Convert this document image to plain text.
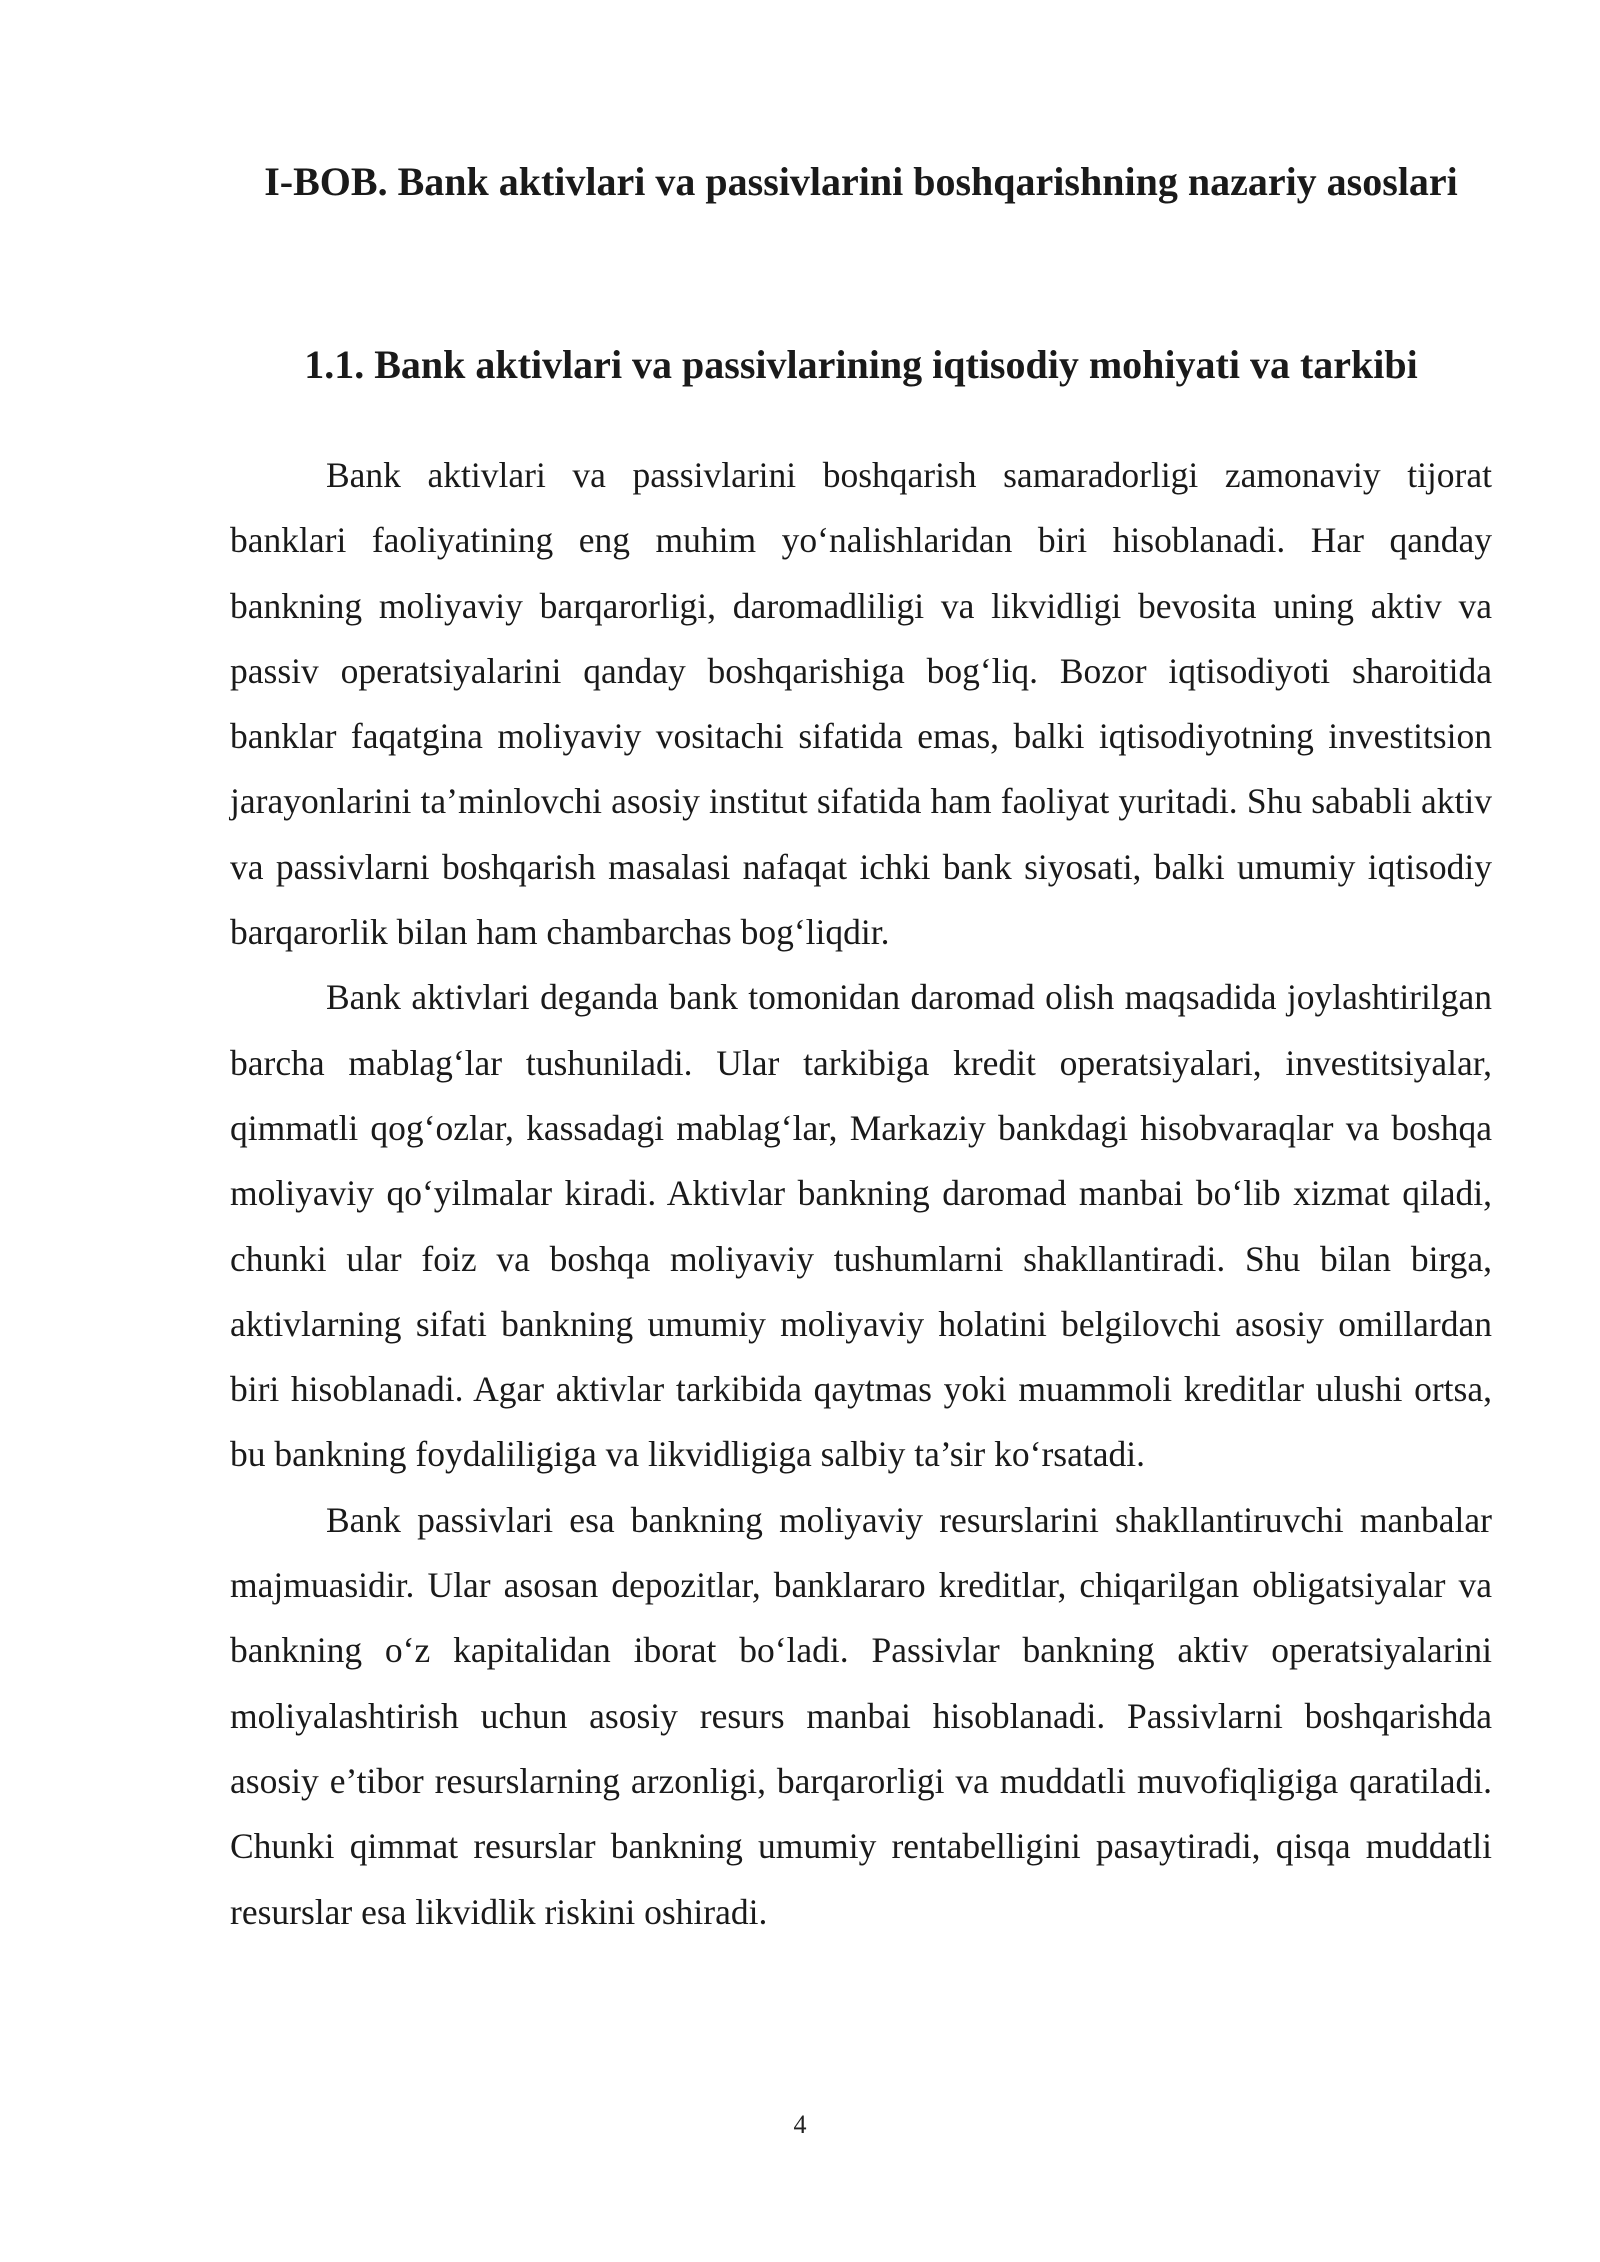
I-BOB. Bank aktivlari va passivlarini boshqarishning nazariy asoslari
1.1. Bank aktivlari va passivlarining iqtisodiy mohiyati va tarkibi

Bank aktivlari va passivlarini boshqarish samaradorligi zamonaviy tijorat banklari faoliyatining eng muhim yo‘nalishlaridan biri hisoblanadi. Har qanday bankning moliyaviy barqarorligi, daromadliligi va likvidligi bevosita uning aktiv va passiv operatsiyalarini qanday boshqarishiga bog‘liq. Bozor iqtisodiyoti sharoitida banklar faqatgina moliyaviy vositachi sifatida emas, balki iqtisodiyotning investitsion jarayonlarini ta’minlovchi asosiy institut sifatida ham faoliyat yuritadi. Shu sababli aktiv va passivlarni boshqarish masalasi nafaqat ichki bank siyosati, balki umumiy iqtisodiy barqarorlik bilan ham chambarchas bog‘liqdir.

Bank aktivlari deganda bank tomonidan daromad olish maqsadida joylashtirilgan barcha mablag‘lar tushuniladi. Ular tarkibiga kredit operatsiyalari, investitsiyalar, qimmatli qog‘ozlar, kassadagi mablag‘lar, Markaziy bankdagi hisobvaraqlar va boshqa moliyaviy qo‘yilmalar kiradi. Aktivlar bankning daromad manbai bo‘lib xizmat qiladi, chunki ular foiz va boshqa moliyaviy tushumlarni shakllantiradi. Shu bilan birga, aktivlarning sifati bankning umumiy moliyaviy holatini belgilovchi asosiy omillardan biri hisoblanadi. Agar aktivlar tarkibida qaytmas yoki muammoli kreditlar ulushi ortsa, bu bankning foydaliligiga va likvidligiga salbiy ta’sir ko‘rsatadi.

Bank passivlari esa bankning moliyaviy resurslarini shakllantiruvchi manbalar majmuasidir. Ular asosan depozitlar, banklararo kreditlar, chiqarilgan obligatsiyalar va bankning o‘z kapitalidan iborat bo‘ladi. Passivlar bankning aktiv operatsiyalarini moliyalashtirish uchun asosiy resurs manbai hisoblanadi. Passivlarni boshqarishda asosiy e’tibor resurslarning arzonligi, barqarorligi va muddatli muvofiqligiga qaratiladi. Chunki qimmat resurslar bankning umumiy rentabelligini pasaytiradi, qisqa muddatli resurslar esa likvidlik riskini oshiradi.

4
